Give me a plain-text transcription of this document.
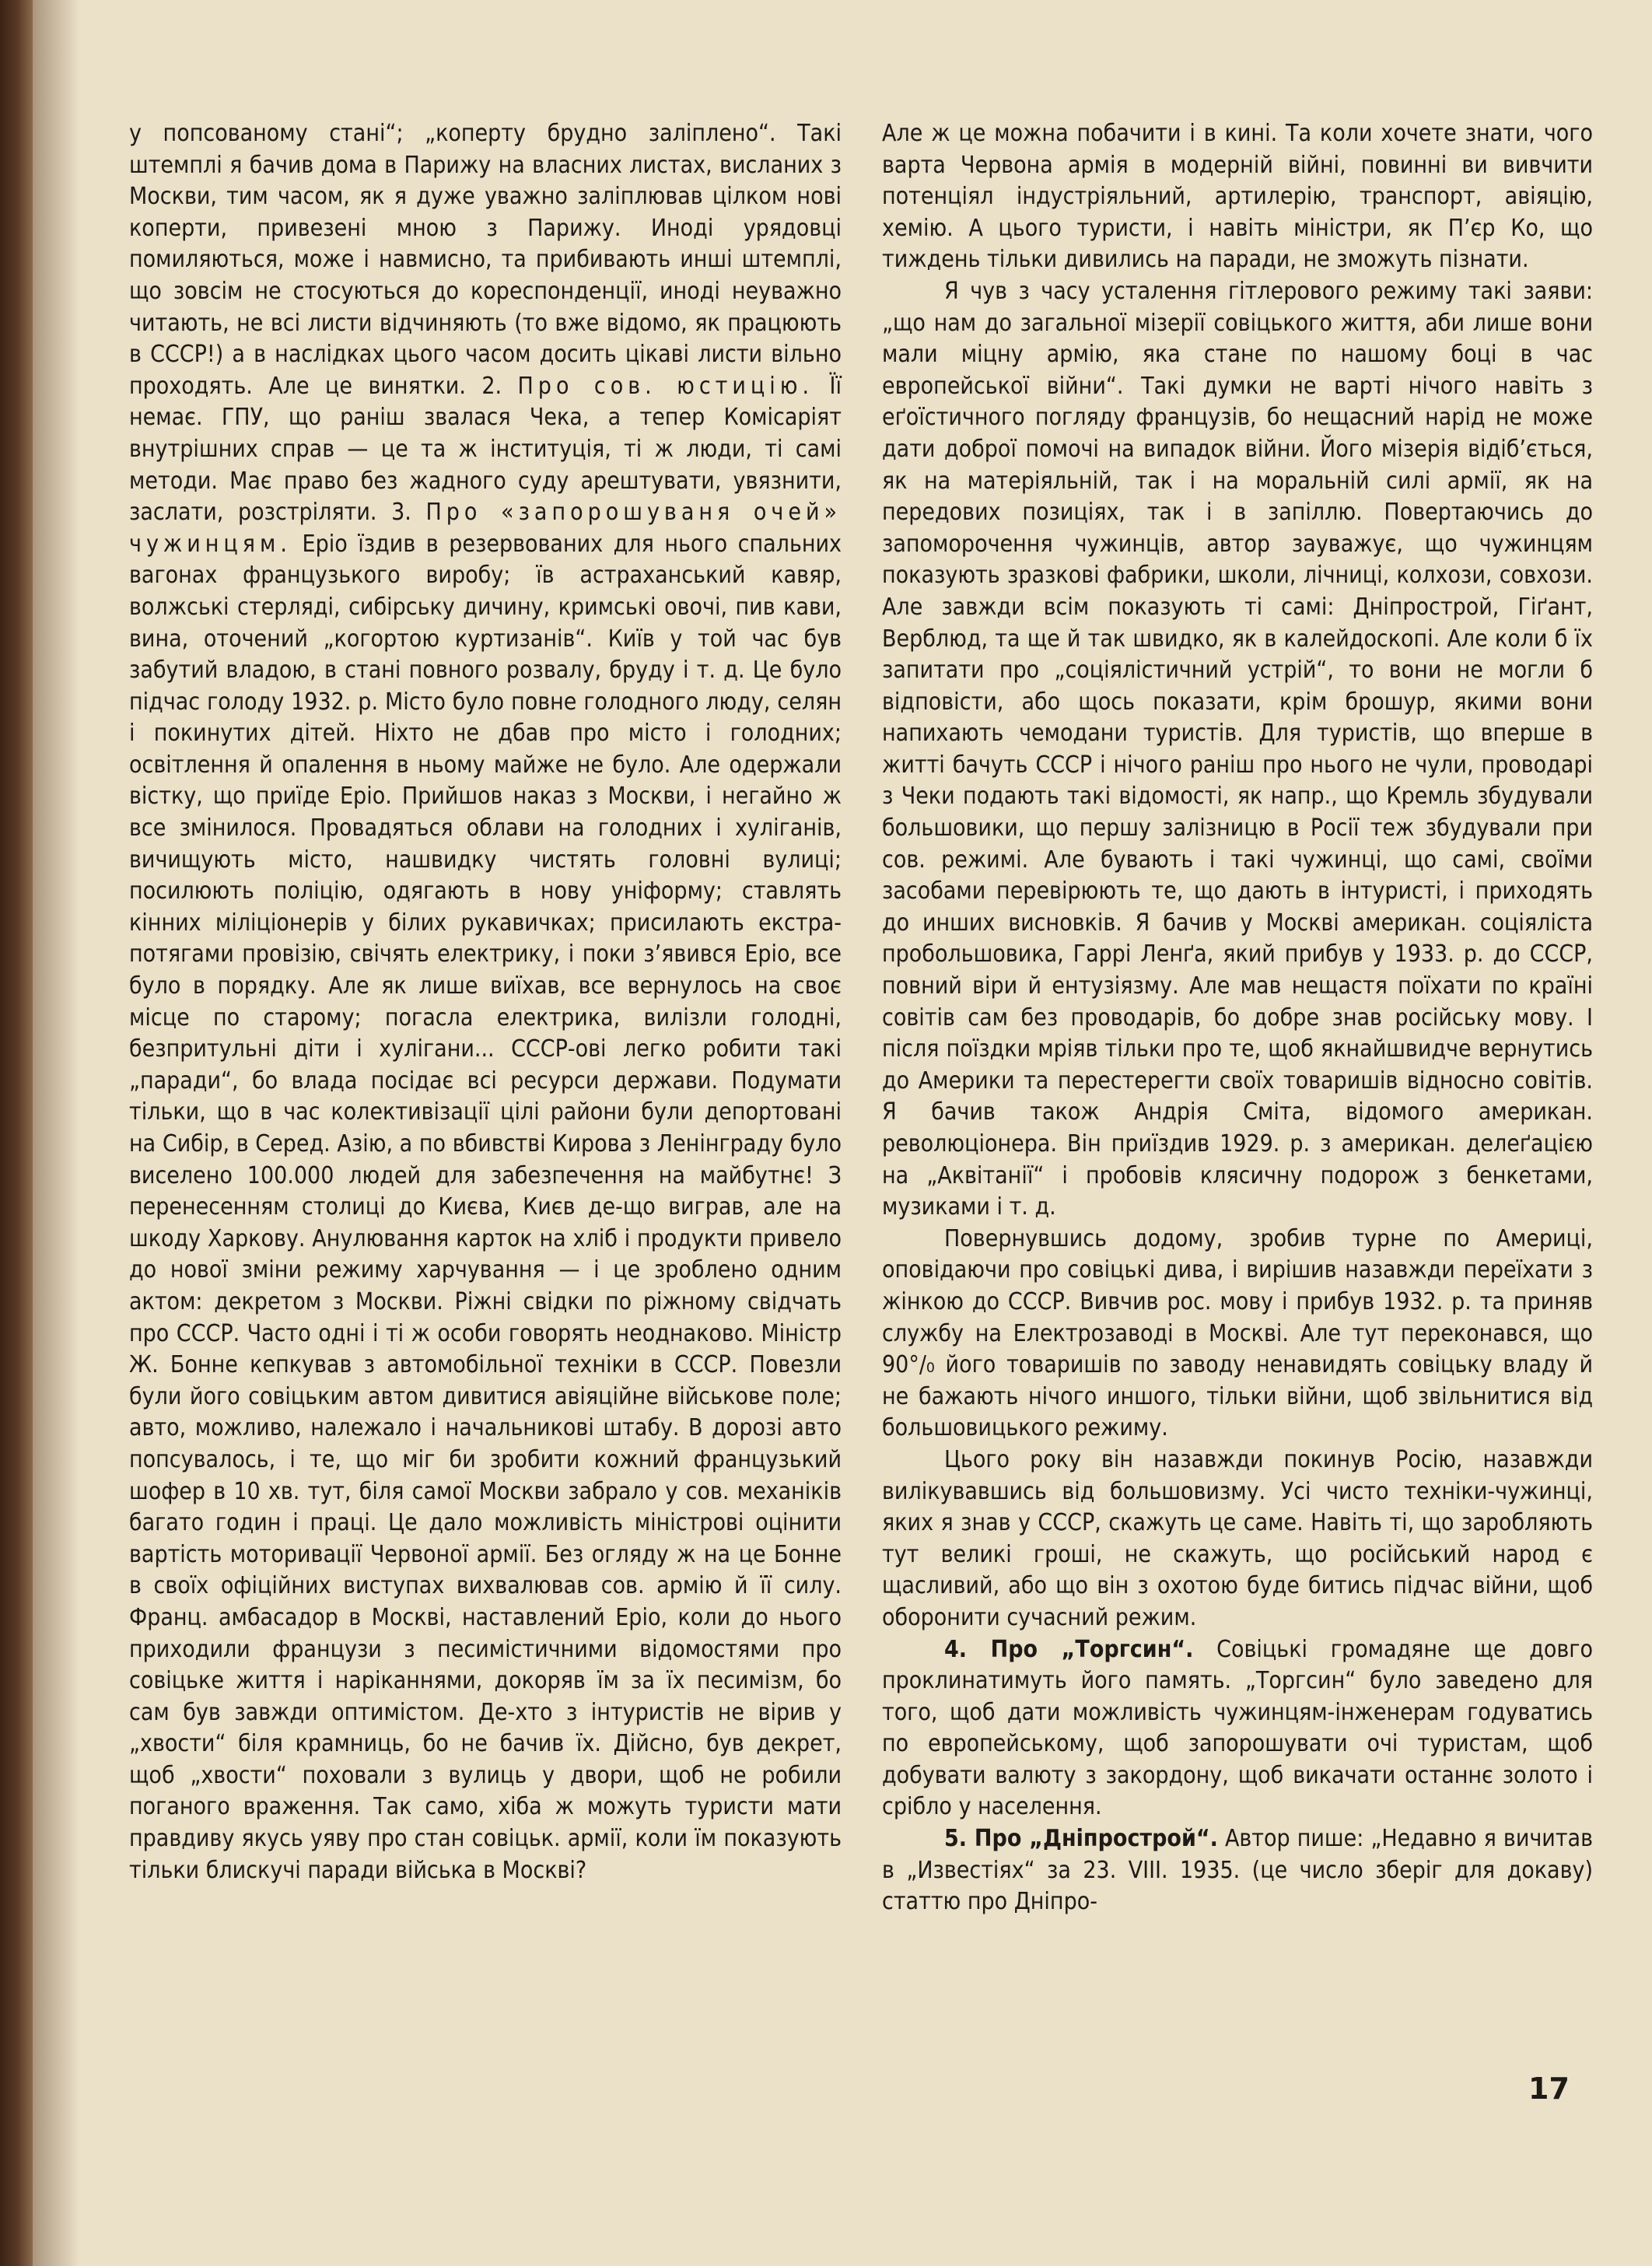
у попсованому стані“; „коперту брудно заліплено“. Такі штемплі я бачив дома в Парижу на власних листах, висланих з Москви, тим часом, як я дуже уважно заліплював цілком нові коперти, привезені мною з Парижу. Иноді урядовці помиляються, може і навмисно, та прибивають инші штемплі, що зовсім не стосуються до кореспонденції, иноді неуважно читають, не всі листи відчиняють (то вже відомо, як працюють в СССР!) а в наслідках цього часом досить цікаві листи вільно проходять. Але це винятки. 2. Про сов. юстицію. Її немає. ГПУ, що раніш звалася Чека, а тепер Комісаріят внутрішних справ — це та ж інституція, ті ж люди, ті самі методи. Має право без жадного суду арештувати, увязнити, заслати, розстріляти. 3. Про «запорошуваня очей» чужинцям. Еріо їздив в резервованих для нього спальних вагонах французького виробу; їв астраханський кавяр, волжські стерляді, сибірську дичину, кримські овочі, пив кави, вина, оточений „когортою куртизанів“. Київ у той час був забутий владою, в стані повного розвалу, бруду і т. д. Це було підчас голоду 1932. р. Місто було повне голодного люду, селян і покинутих дітей. Ніхто не дбав про місто і голодних; освітлення й опалення в ньому майже не було. Але одержали вістку, що приїде Еріо. Прийшов наказ з Москви, і негайно ж все змінилося. Провадяться облави на голодних і хуліганів, вичищують місто, нашвидку чистять головні вулиці; посилюють поліцію, одягають в нову уніформу; ставлять кінних міліціонерів у білих рукавичках; присилають екстра-потягами провізію, свічять електрику, і поки з’явився Еріо, все було в порядку. Але як лише виїхав, все вернулось на своє місце по старому; погасла електрика, вилізли голодні, безпритульні діти і хулігани... СССР-ові легко робити такі „паради“, бо влада посідає всі ресурси держави. Подумати тільки, що в час колективізації цілі райони були депортовані на Сибір, в Серед. Азію, а по вбивстві Кирова з Ленінграду було виселено 100.000 людей для забезпечення на майбутнє! З перенесенням столиці до Києва, Києв де-що виграв, але на шкоду Харкову. Анулювання карток на хліб і продукти привело до нової зміни режиму харчування — і це зроблено одним актом: декретом з Москви. Ріжні свідки по ріжному свідчать про СССР. Часто одні і ті ж особи говорять неоднаково. Міністр Ж. Бонне кепкував з автомобільної техніки в СССР. Повезли були його совіцьким автом дивитися авіяційне військове поле; авто, можливо, належало і начальникові штабу. В дорозі авто попсувалось, і те, що міг би зробити кожний французький шофер в 10 хв. тут, біля самої Москви забрало у сов. механіків багато годин і праці. Це дало можливість міністрові оцінити вартість моторивації Червоної армії. Без огляду ж на це Бонне в своїх офіційних виступах вихвалював сов. армію й її силу. Франц. амбасадор в Москві, наставлений Еріо, коли до нього приходили французи з песимістичними відомостями про совіцьке життя і наріканнями, докоряв їм за їх песимізм, бо сам був завжди оптимістом. Де-хто з інтуристів не вірив у „хвости“ біля крамниць, бо не бачив їх. Дійсно, був декрет, щоб „хвости“ поховали з вулиць у двори, щоб не робили поганого враження. Так само, хіба ж можуть туристи мати правдиву якусь уяву про стан совіцьк. армії, коли їм показують тільки блискучі паради війська в Москві?

Але ж це можна побачити і в кині. Та коли хочете знати, чого варта Червона армія в модерній війні, повинні ви вивчити потенціял індустріяльний, артилерію, транспорт, авіяцію, хемію. А цього туристи, і навіть міністри, як П’єр Ко, що тиждень тільки дивились на паради, не зможуть пізнати.

Я чув з часу усталення гітлерового режиму такі заяви: „що нам до загальної мізерії совіцького життя, аби лише вони мали міцну армію, яка стане по нашому боці в час европейської війни“. Такі думки не варті нічого навіть з еґоїстичного погляду французів, бо нещасний нарід не може дати доброї помочі на випадок війни. Його мізерія відіб’ється, як на матеріяльній, так і на моральній силі армії, як на передових позиціях, так і в запіллю. Повертаючись до запоморочення чужинців, автор зауважує, що чужинцям показують зразкові фабрики, школи, лічниці, колхози, совхози. Але завжди всім показують ті самі: Дніпрострой, Гіґант, Верблюд, та ще й так швидко, як в калейдоскопі. Але коли б їх запитати про „соціялістичний устрій“, то вони не могли б відповісти, або щось показати, крім брошур, якими вони напихають чемодани туристів. Для туристів, що вперше в житті бачуть СССР і нічого раніш про нього не чули, проводарі з Чеки подають такі відомості, як напр., що Кремль збудували большовики, що першу залізницю в Росії теж збудували при сов. режимі. Але бувають і такі чужинці, що самі, своїми засобами перевірюють те, що дають в інтуристі, і приходять до инших висновків. Я бачив у Москві американ. соціяліста пробольшовика, Гаррі Ленґа, який прибув у 1933. р. до СССР, повний віри й ентузіязму. Але мав нещастя поїхати по країні совітів сам без проводарів, бо добре знав російську мову. І після поїздки мріяв тільки про те, щоб якнайшвидче вернутись до Америки та перестерегти своїх товаришів відносно совітів. Я бачив також Андрія Сміта, відомого американ. революціонера. Він приїздив 1929. р. з американ. делеґацією на „Аквітанії“ і пробовів клясичну подорож з бенкетами, музиками і т. д.

Повернувшись додому, зробив турне по Америці, оповідаючи про совіцькі дива, і вирішив назавжди переїхати з жінкою до СССР. Вивчив рос. мову і прибув 1932. р. та приняв службу на Електрозаводі в Москві. Але тут переконався, що 90°/₀ його товаришів по заводу ненавидять совіцьку владу й не бажають нічого иншого, тільки війни, щоб звільнитися від большовицького режиму.

Цього року він назавжди покинув Росію, назавжди вилікувавшись від большовизму. Усі чисто техніки-чужинці, яких я знав у СССР, скажуть це саме. Навіть ті, що заробляють тут великі гроші, не скажуть, що російський народ є щасливий, або що він з охотою буде битись підчас війни, щоб оборонити сучасний режим.

4. Про „Торгсин“. Совіцькі громадяне ще довго проклинатимуть його память. „Торгсин“ було заведено для того, щоб дати можливість чужинцям-інженерам годуватись по европейському, щоб запорошувати очі туристам, щоб добувати валюту з закордону, щоб викачати останнє золото і срібло у населення.

5. Про „Дніпрострой“. Автор пише: „Недавно я вичитав в „Известіях“ за 23. VIII. 1935. (це число зберіг для докаву) статтю про Дніпро-

17
